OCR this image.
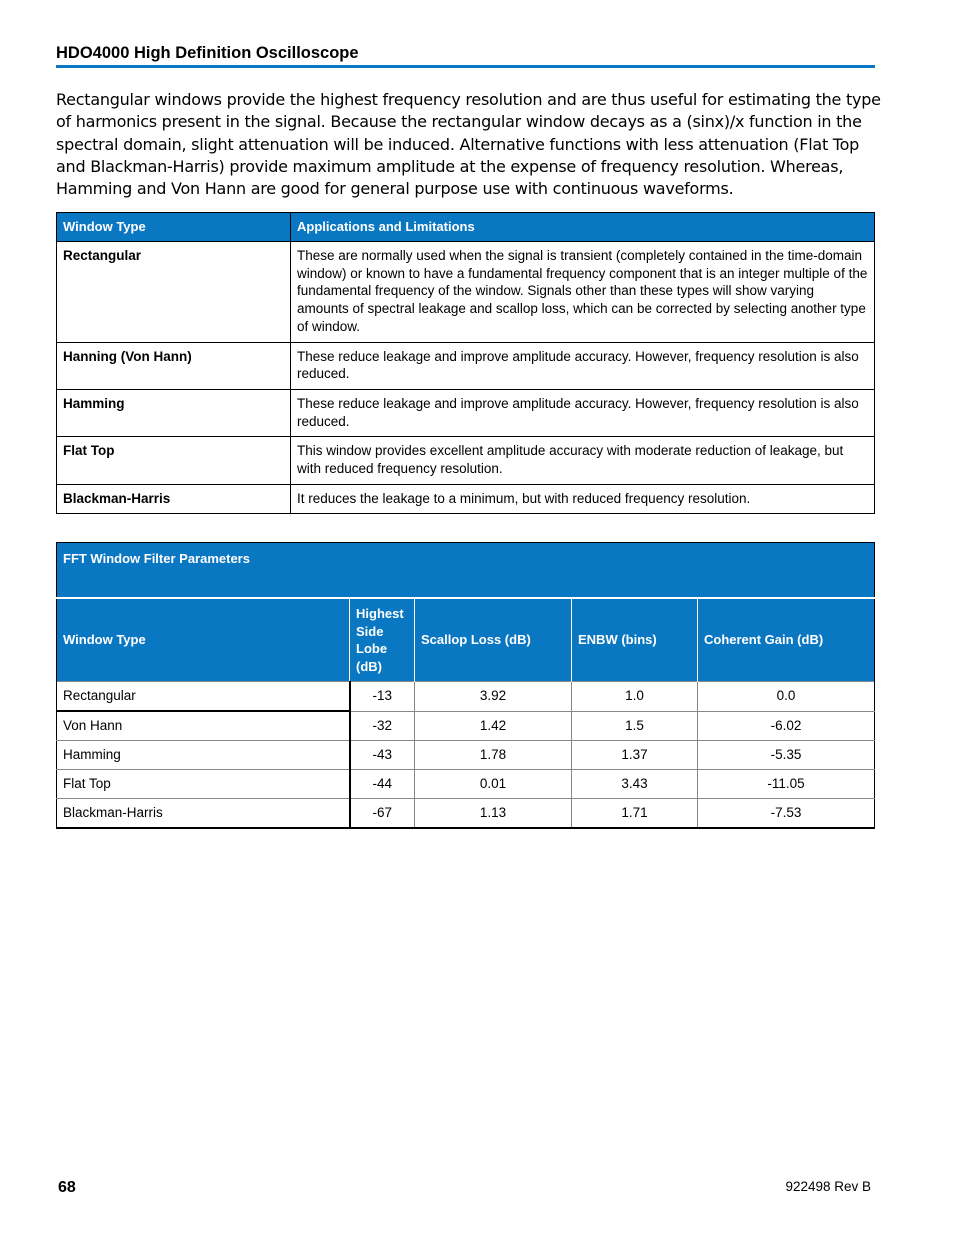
HDO4000 High Definition Oscilloscope
Rectangular windows provide the highest frequency resolution and are thus useful for estimating the type of harmonics present in the signal. Because the rectangular window decays as a (sinx)/x function in the spectral domain, slight attenuation will be induced. Alternative functions with less attenuation (Flat Top and Blackman-Harris) provide maximum amplitude at the expense of frequency resolution. Whereas, Hamming and Von Hann are good for general purpose use with continuous waveforms.
Window Type	Applications and Limitations
Rectangular	These are normally used when the signal is transient (completely contained in the time-domain window) or known to have a fundamental frequency component that is an integer multiple of the fundamental frequency of the window. Signals other than these types will show varying amounts of spectral leakage and scallop loss, which can be corrected by selecting another type of window.
Hanning (Von Hann)	These reduce leakage and improve amplitude accuracy. However, frequency resolution is also reduced.
Hamming	These reduce leakage and improve amplitude accuracy. However, frequency resolution is also reduced.
Flat Top	This window provides excellent amplitude accuracy with moderate reduction of leakage, but with reduced frequency resolution.
Blackman-Harris	It reduces the leakage to a minimum, but with reduced frequency resolution.
FFT Window Filter Parameters				
Window Type	Highest Side Lobe (dB)	Scallop Loss (dB)	ENBW (bins)	Coherent Gain (dB)
Rectangular	-13	3.92	1.0	0.0
Von Hann	-32	1.42	1.5	-6.02
Hamming	-43	1.78	1.37	-5.35
Flat Top	-44	0.01	3.43	-11.05
Blackman-Harris	-67	1.13	1.71	-7.53
68	922498 Rev B
